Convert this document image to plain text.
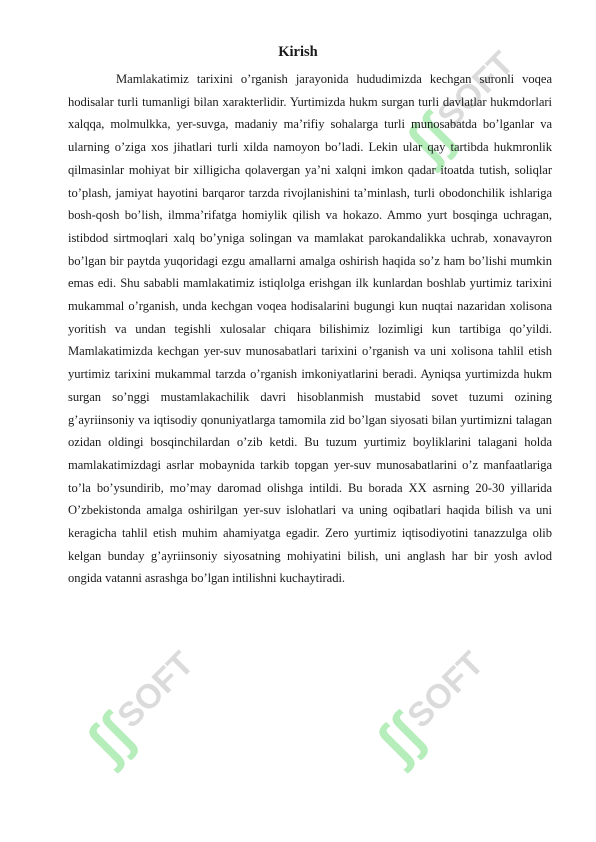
SOFT
ʃʃ
SOFT
ʃʃ
SOFT
ʃʃ
Kirish

Mamlakatimiz tarixini o’rganish jarayonida hududimizda kechgan suronli voqea hodisalar turli tumanligi bilan xarakterlidir. Yurtimizda hukm surgan turli davlatlar hukmdorlari xalqqa, molmulkka, yer-suvga, madaniy ma’rifiy sohalarga turli munosabatda bo’lganlar va ularning o’ziga xos jihatlari turli xilda namoyon bo’ladi. Lekin ular qay tartibda hukmronlik qilmasinlar mohiyat bir xilligicha qolavergan ya’ni xalqni imkon qadar itoatda tutish, soliqlar to’plash, jamiyat hayotini barqaror tarzda rivojlanishini ta’minlash, turli obodonchilik ishlariga bosh-qosh bo’lish, ilmma’rifatga homiylik qilish va hokazo. Ammo yurt bosqinga uchragan, istibdod sirtmoqlari xalq bo’yniga solingan va mamlakat parokandalikka uchrab, xonavayron bo’lgan bir paytda yuqoridagi ezgu amallarni amalga oshirish haqida so’z ham bo’lishi mumkin emas edi. Shu sababli mamlakatimiz istiqlolga erishgan ilk kunlardan boshlab yurtimiz tarixini mukammal o’rganish, unda kechgan voqea hodisalarini bugungi kun nuqtai nazaridan xolisona yoritish va undan tegishli xulosalar chiqara bilishimiz lozimligi kun tartibiga qo’yildi. Mamlakatimizda kechgan yer-suv munosabatlari tarixini o’rganish va uni xolisona tahlil etish yurtimiz tarixini mukammal tarzda o’rganish imkoniyatlarini beradi. Ayniqsa yurtimizda hukm surgan so’nggi mustamlakachilik davri hisoblanmish mustabid sovet tuzumi ozining g’ayriinsoniy va iqtisodiy qonuniyatlarga tamomila zid bo’lgan siyosati bilan yurtimizni talagan ozidan oldingi bosqinchilardan o’zib ketdi. Bu tuzum yurtimiz boyliklarini talagani holda mamlakatimizdagi asrlar mobaynida tarkib topgan yer-suv munosabatlarini o’z manfaatlariga to’la bo’ysundirib, mo’may daromad olishga intildi. Bu borada XX asrning 20-30 yillarida O’zbekistonda amalga oshirilgan yer-suv islohatlari va uning oqibatlari haqida bilish va uni keragicha tahlil etish muhim ahamiyatga egadir. Zero yurtimiz iqtisodiyotini tanazzulga olib kelgan bunday g’ayriinsoniy siyosatning mohiyatini bilish, uni anglash har bir yosh avlod ongida vatanni asrashga bo’lgan intilishni kuchaytiradi.
